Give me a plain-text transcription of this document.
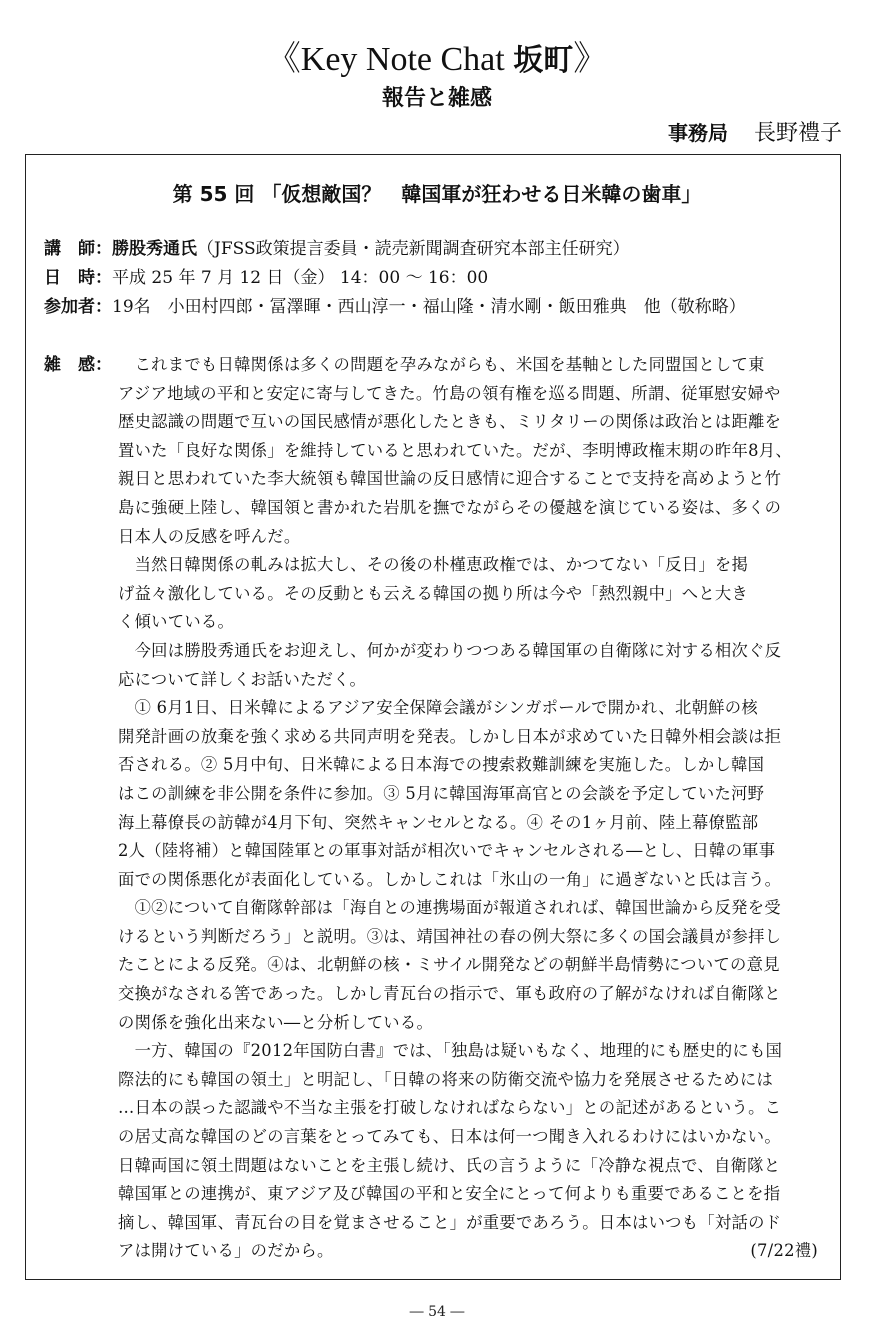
《Key Note Chat 坂町》
報告と雑感
事務局 長野禮子
第 55 回 「仮想敵国？　韓国軍が狂わせる日米韓の歯車」
講　師：勝股秀通氏（JFSS政策提言委員・読売新聞調査研究本部主任研究）
日　時：平成 25 年 7 月 12 日（金） 14：00 ～ 16：00
参加者：19名　小田村四郎・冨澤暉・西山淳一・福山隆・清水剛・飯田雅典　他（敬称略）
雑　感： 　これまでも日韓関係は多くの問題を孕みながらも、米国を基軸とした同盟国として東
アジア地域の平和と安定に寄与してきた。竹島の領有権を巡る問題、所謂、従軍慰安婦や
歴史認識の問題で互いの国民感情が悪化したときも、ミリタリーの関係は政治とは距離を
置いた「良好な関係」を維持していると思われていた。だが、李明博政権末期の昨年8月、
親日と思われていた李大統領も韓国世論の反日感情に迎合することで支持を高めようと竹
島に強硬上陸し、韓国領と書かれた岩肌を撫でながらその優越を演じている姿は、多くの
日本人の反感を呼んだ。
　当然日韓関係の軋みは拡大し、その後の朴槿恵政権では、かつてない「反日」を掲
げ益々激化している。その反動とも云える韓国の拠り所は今や「熱烈親中」へと大き
く傾いている。
　今回は勝股秀通氏をお迎えし、何かが変わりつつある韓国軍の自衛隊に対する相次ぐ反
応について詳しくお話いただく。
　① 6月1日、日米韓によるアジア安全保障会議がシンガポールで開かれ、北朝鮮の核
開発計画の放棄を強く求める共同声明を発表。しかし日本が求めていた日韓外相会談は拒
否される。② 5月中旬、日米韓による日本海での捜索救難訓練を実施した。しかし韓国
はこの訓練を非公開を条件に参加。③ 5月に韓国海軍高官との会談を予定していた河野
海上幕僚長の訪韓が4月下旬、突然キャンセルとなる。④ その1ヶ月前、陸上幕僚監部
2人（陸将補）と韓国陸軍との軍事対話が相次いでキャンセルされる―とし、日韓の軍事
面での関係悪化が表面化している。しかしこれは「氷山の一角」に過ぎないと氏は言う。
　①②について自衛隊幹部は「海自との連携場面が報道されれば、韓国世論から反発を受
けるという判断だろう」と説明。③は、靖国神社の春の例大祭に多くの国会議員が参拝し
たことによる反発。④は、北朝鮮の核・ミサイル開発などの朝鮮半島情勢についての意見
交換がなされる筈であった。しかし青瓦台の指示で、軍も政府の了解がなければ自衛隊と
の関係を強化出来ない―と分析している。
　一方、韓国の『2012年国防白書』では、「独島は疑いもなく、地理的にも歴史的にも国
際法的にも韓国の領土」と明記し、「日韓の将来の防衛交流や協力を発展させるためには
…日本の誤った認識や不当な主張を打破しなければならない」との記述があるという。こ
の居丈高な韓国のどの言葉をとってみても、日本は何一つ聞き入れるわけにはいかない。
日韓両国に領土問題はないことを主張し続け、氏の言うように「冷静な視点で、自衛隊と
韓国軍との連携が、東アジア及び韓国の平和と安全にとって何よりも重要であることを指
摘し、韓国軍、青瓦台の目を覚まさせること」が重要であろう。日本はいつも「対話のド
アは開けている」のだから。	(7/22禮)
― 54 ―
